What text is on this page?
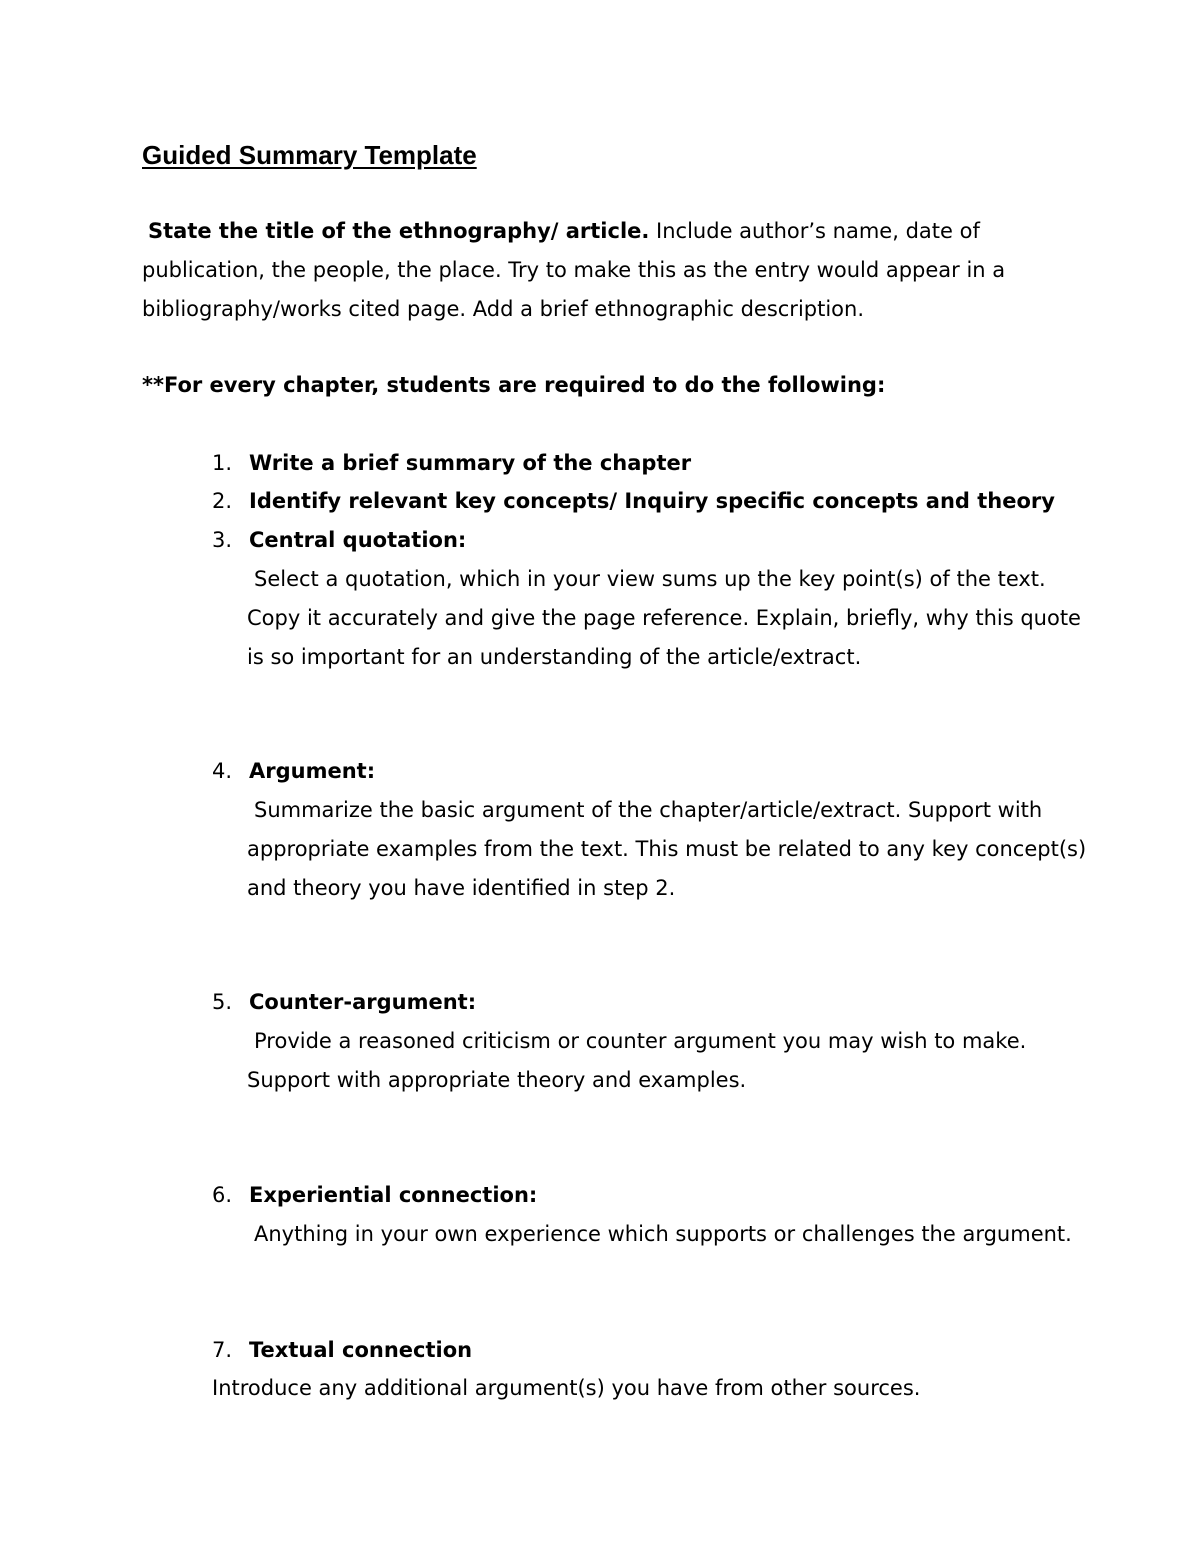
Guided Summary Template
State the title of the ethnography/ article. Include author’s name, date of publication, the people, the place. Try to make this as the entry would appear in a bibliography/works cited page. Add a brief ethnographic description.
**For every chapter, students are required to do the following:
1. Write a brief summary of the chapter
2. Identify relevant key concepts/ Inquiry specific concepts and theory
3. Central quotation:
Select a quotation, which in your view sums up the key point(s) of the text. Copy it accurately and give the page reference. Explain, briefly, why this quote is so important for an understanding of the article/extract.
4. Argument:
Summarize the basic argument of the chapter/article/extract. Support with appropriate examples from the text. This must be related to any key concept(s) and theory you have identified in step 2.
5. Counter-argument:
Provide a reasoned criticism or counter argument you may wish to make. Support with appropriate theory and examples.
6. Experiential connection:
Anything in your own experience which supports or challenges the argument.
7. Textual connection
Introduce any additional argument(s) you have from other sources.
